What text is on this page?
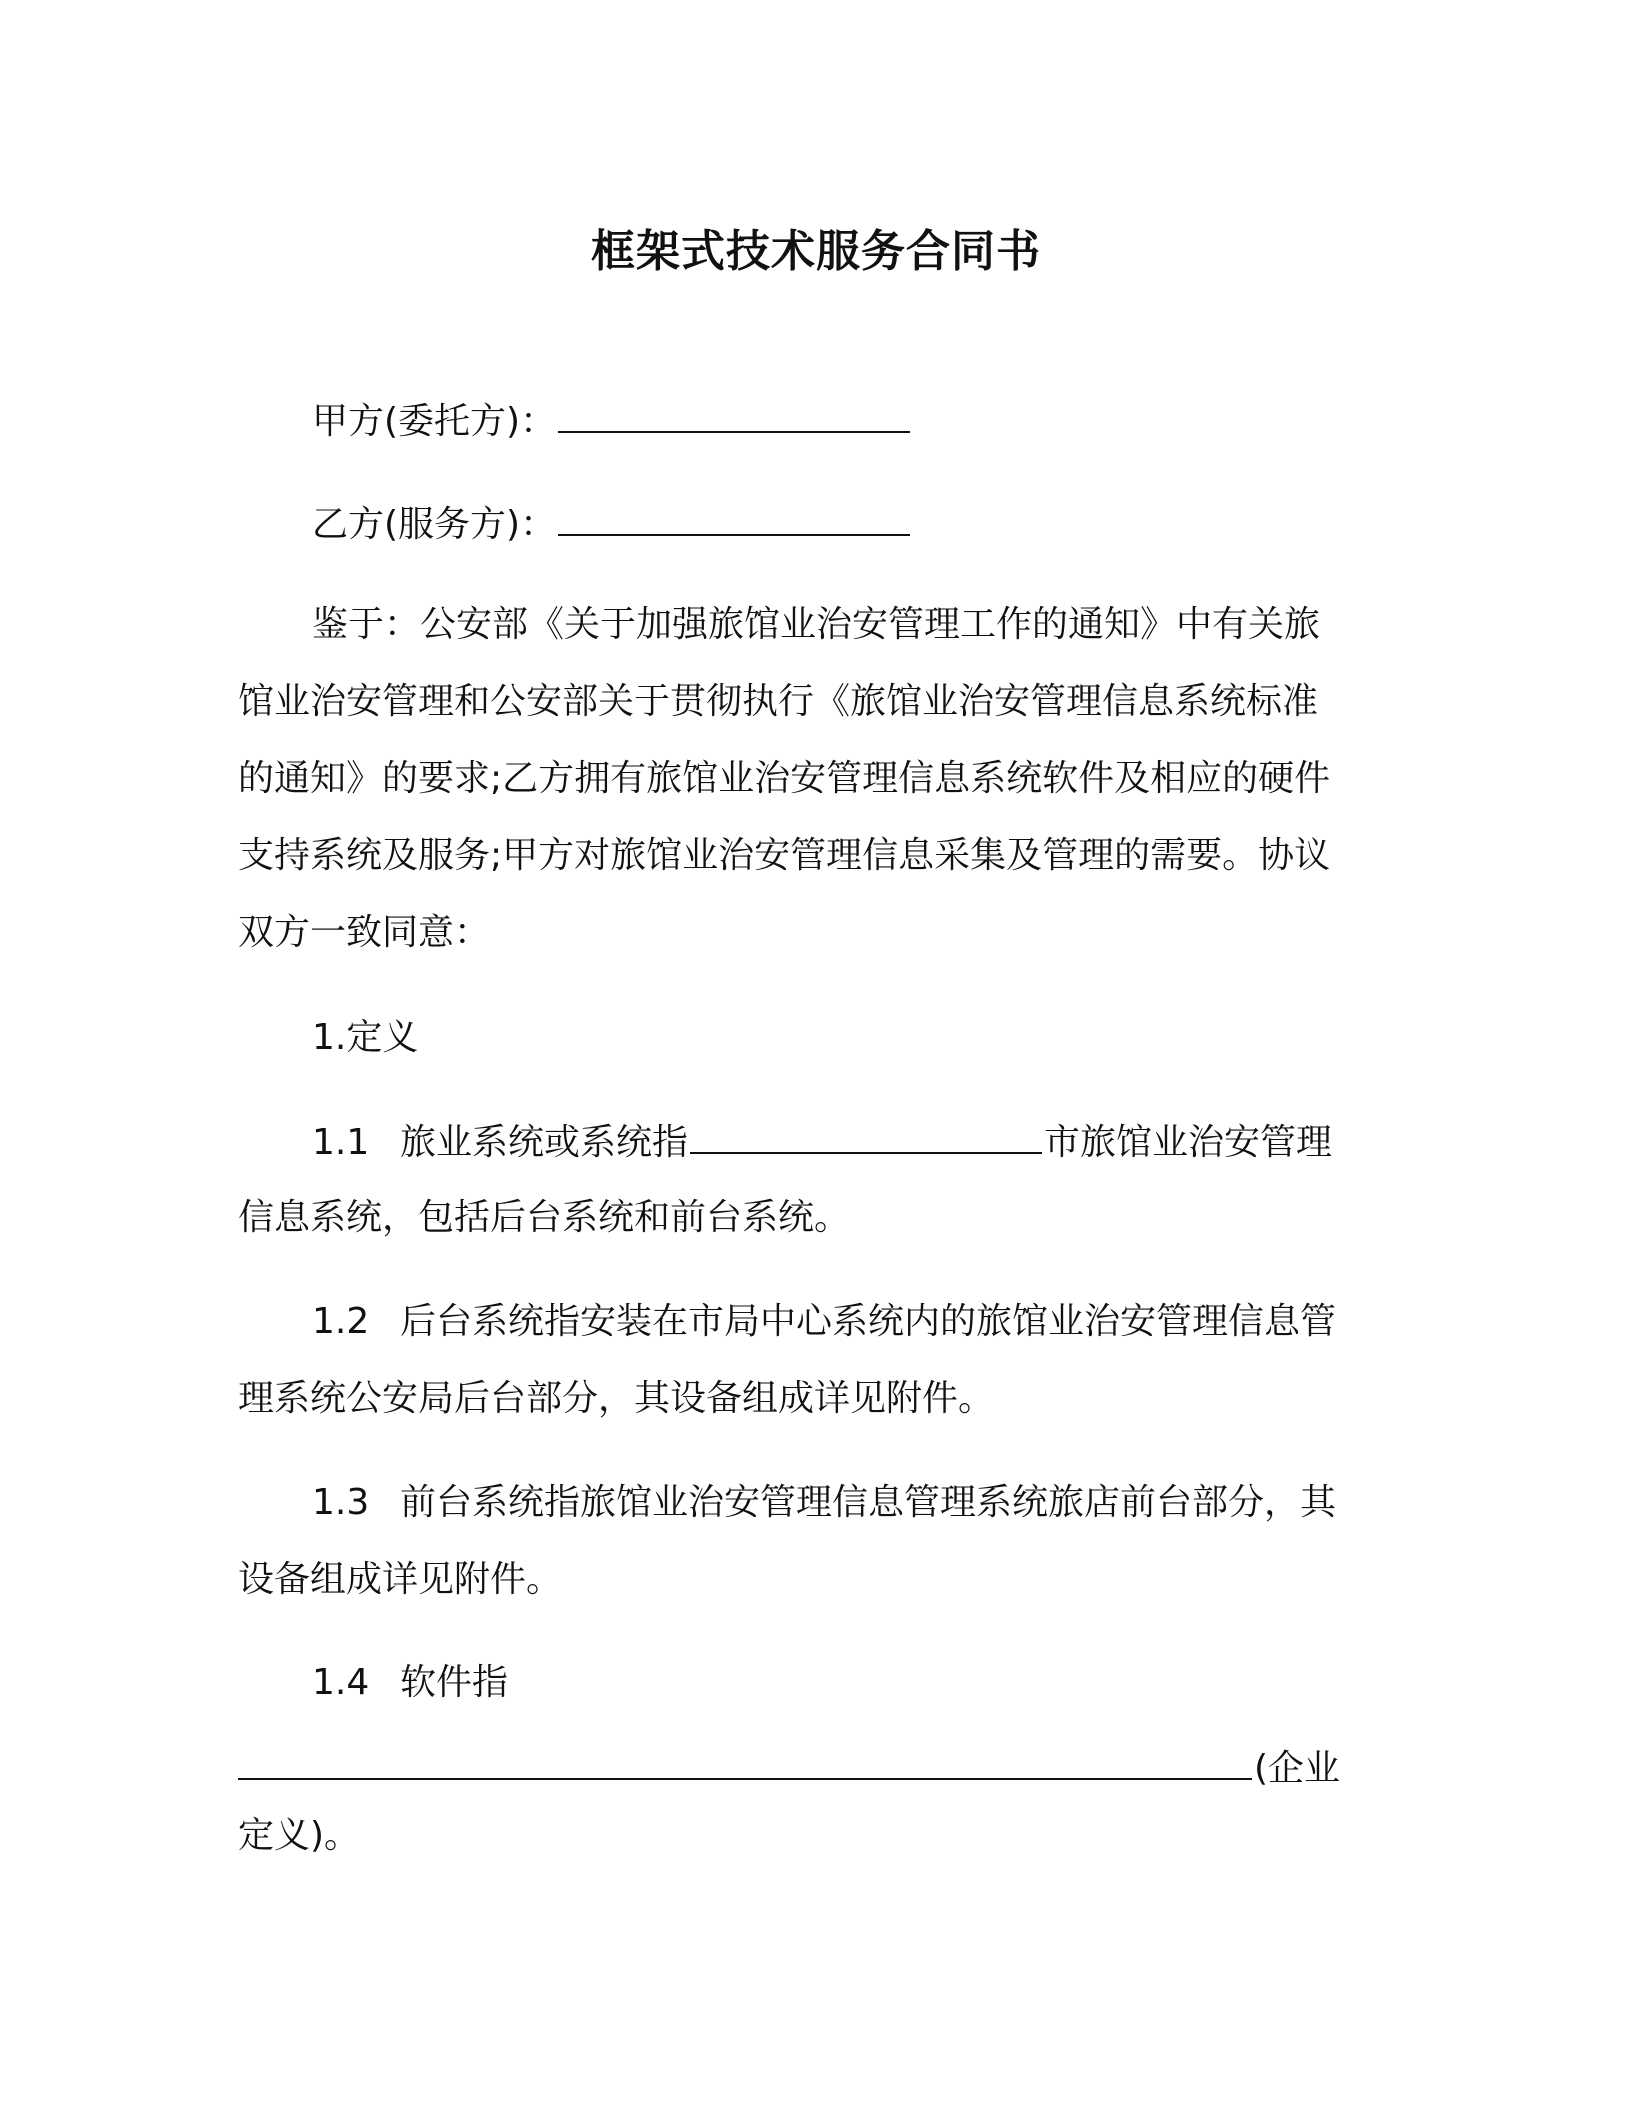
框架式技术服务合同书
甲方(委托方)：
乙方(服务方)：
鉴于：公安部《关于加强旅馆业治安管理工作的通知》中有关旅
馆业治安管理和公安部关于贯彻执行《旅馆业治安管理信息系统标准
的通知》的要求;乙方拥有旅馆业治安管理信息系统软件及相应的硬件
支持系统及服务;甲方对旅馆业治安管理信息采集及管理的需要。协议
双方一致同意：
1.定义
1.1 旅业系统或系统指	市旅馆业治安管理
信息系统，包括后台系统和前台系统。
1.2 后台系统指安装在市局中心系统内的旅馆业治安管理信息管
理系统公安局后台部分，其设备组成详见附件。
1.3 前台系统指旅馆业治安管理信息管理系统旅店前台部分，其
设备组成详见附件。
1.4 软件指
(企业
定义)。
